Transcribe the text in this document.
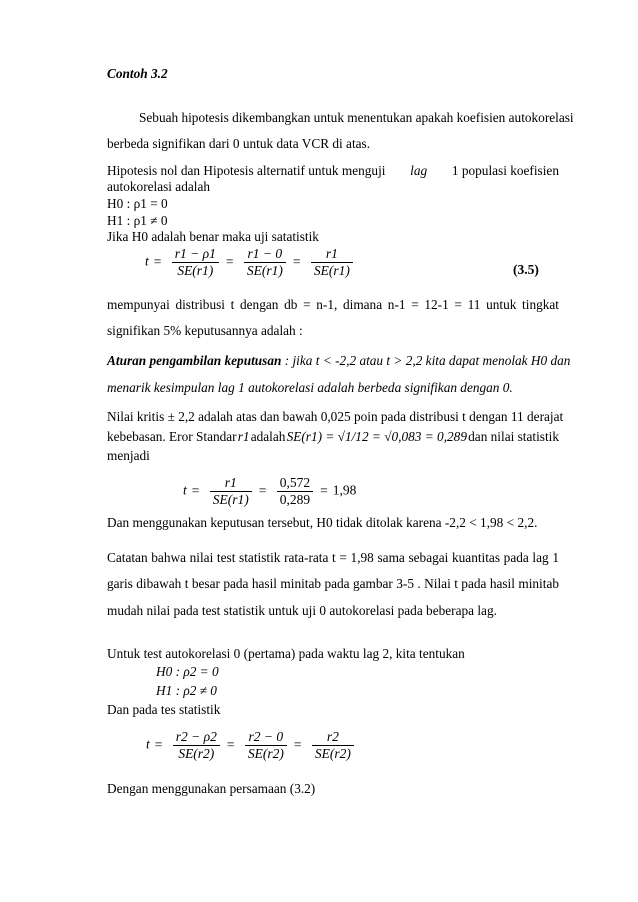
Contoh 3.2
Sebuah hipotesis dikembangkan untuk menentukan apakah koefisien autokorelasi
berbeda signifikan dari 0 untuk data VCR di atas.
Hipotesis nol dan Hipotesis alternatif untuk menguji lag 1 populasi koefisien
autokorelasi adalah
H0 : ρ1 = 0
H1 : ρ1 ≠ 0
Jika H0 adalah benar maka uji satatistik
$t = \frac{r1 - \rho 1}{SE(r1)} = \frac{r1 - 0}{SE(r1)} = \frac{r1}{SE(r1)}$	(3.5)
mempunyai distribusi t dengan db = n-1, dimana n-1 = 12-1 = 11 untuk tingkat
signifikan 5% keputusannya adalah :
Aturan pengambilan keputusan : jika t < -2,2 atau t > 2,2 kita dapat menolak H0 dan
menarik kesimpulan lag 1 autokorelasi adalah berbeda signifikan dengan 0.
Nilai kritis ± 2,2 adalah atas dan bawah 0,025 poin pada distribusi t dengan 11 derajat
kebebasan. Eror Standar r1 adalah SE(r1) = √1/12 = √0,083 = 0,289 dan nilai statistik
menjadi
$t = \frac{r1}{SE(r1)} = \frac{0,572}{0,289} = 1,98$
Dan menggunakan keputusan tersebut, H0 tidak ditolak karena -2,2 < 1,98 < 2,2.
Catatan bahwa nilai test statistik rata-rata t = 1,98 sama sebagai kuantitas pada lag 1
garis dibawah t besar pada hasil minitab pada gambar 3-5 . Nilai t pada hasil minitab
mudah nilai pada test statistik untuk uji 0 autokorelasi pada beberapa lag.
Untuk test autokorelasi 0 (pertama) pada waktu lag 2, kita tentukan
H0 : ρ2 = 0
H1 : ρ2 ≠ 0
Dan pada tes statistik
$t = \frac{r2 - \rho 2}{SE(r2)} = \frac{r2 - 0}{SE(r2)} = \frac{r2}{SE(r2)}$
Dengan menggunakan persamaan (3.2)
